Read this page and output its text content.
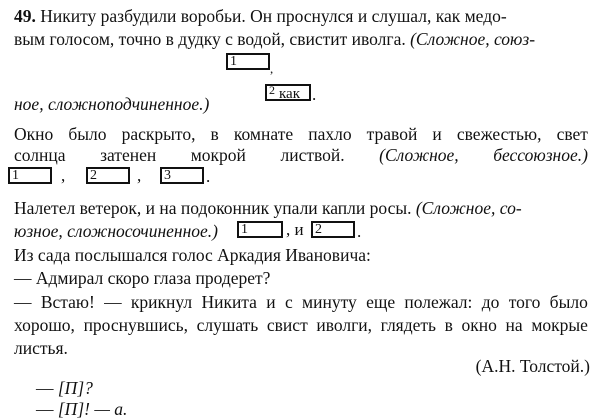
49. Никиту разбудили воробьи. Он проснулся и слушал, как медо-
вым голосом, точно в дудку с водой, свистит иволга. (Сложное, союз-
1	,
2 как .
ное, сложноподчиненное.)
Окно было раскрыто, в комнате пахло травой и свежестью, свет
солнца затенен мокрой листвой. (Сложное, бессоюзное.)
1	, 2	, 3	.
Налетел ветерок, и на подоконник упали капли росы. (Сложное, со-
юзное, сложносочиненное.) 1	, и 2	.
Из сада послышался голос Аркадия Ивановича:
— Адмирал скоро глаза продерет?
— Встаю! — крикнул Никита и с минуту еще полежал: до того было
хорошо, проснувшись, слушать свист иволги, глядеть в окно на мокрые
листья.
(А.Н. Толстой.)
— [П]?
— [П]! — а.
